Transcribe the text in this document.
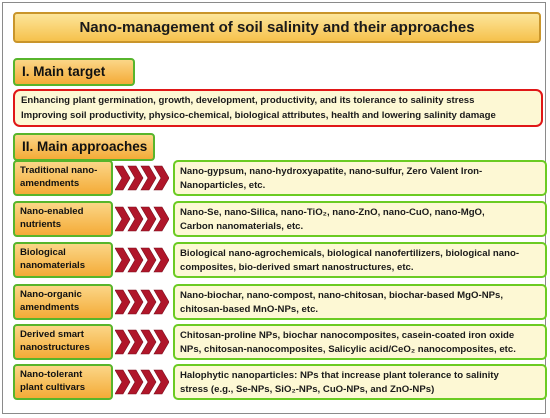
Nano-management of soil salinity and their approaches
I. Main target
Enhancing plant germination, growth, development, productivity, and its tolerance to salinity stress
Improving soil productivity, physico-chemical, biological attributes, health and lowering salinity damage
II. Main approaches
Traditional nano-
amendments
Nano-gypsum, nano-hydroxyapatite, nano-sulfur, Zero Valent Iron-
Nanoparticles, etc.
Nano-enabled
nutrients
Nano-Se, nano-Silica, nano-TiO₂, nano-ZnO, nano-CuO, nano-MgO,
Carbon nanomaterials, etc.
Biological
nanomaterials
Biological nano-agrochemicals, biological nanofertilizers, biological nano-
composites, bio-derived smart nanostructures, etc.
Nano-organic
amendments
Nano-biochar, nano-compost, nano-chitosan, biochar-based MgO-NPs,
chitosan-based MnO-NPs, etc.
Derived smart
nanostructures
Chitosan-proline NPs, biochar nanocomposites, casein-coated iron oxide
NPs, chitosan-nanocomposites, Salicylic acid/CeO₂ nanocomposites, etc.
Nano-tolerant
plant cultivars
Halophytic nanoparticles: NPs that increase plant tolerance to salinity
stress (e.g., Se-NPs, SiO₂-NPs, CuO-NPs, and ZnO-NPs)
